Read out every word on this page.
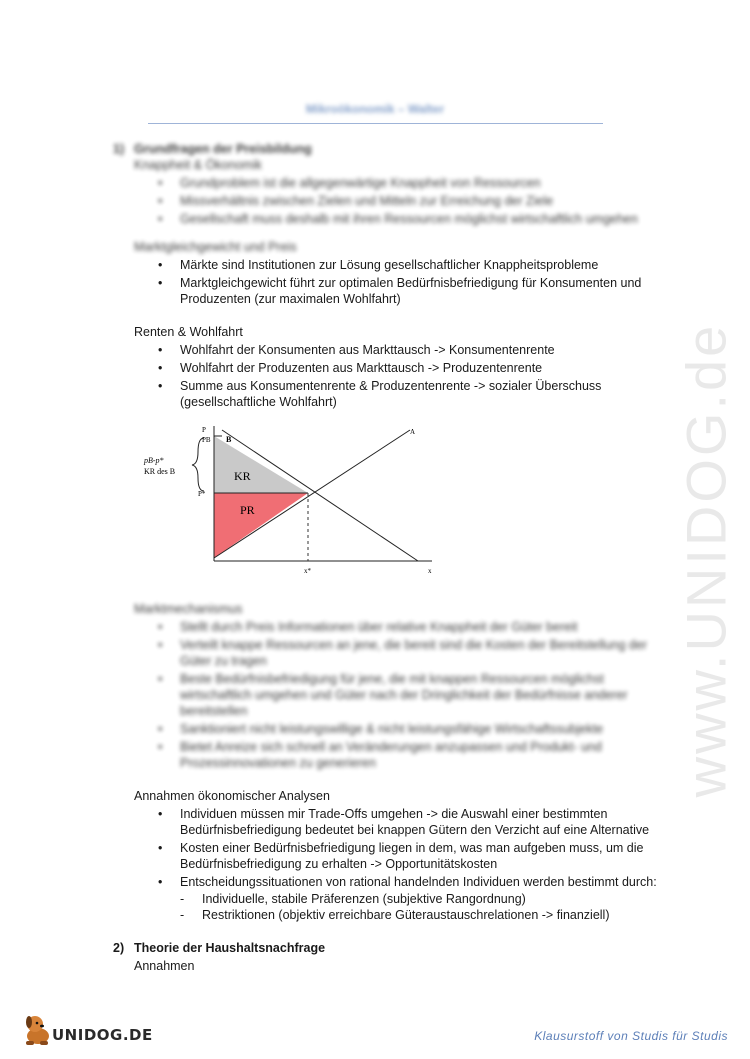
www.UNIDOG.de
Mikroökonomik – Walter
1) Grundfragen der Preisbildung
Knappheit & Ökonomik
• Grundproblem ist die allgegenwärtige Knappheit von Ressourcen
• Missverhältnis zwischen Zielen und Mitteln zur Erreichung der Ziele
• Gesellschaft muss deshalb mit ihren Ressourcen möglichst wirtschaftlich umgehen
Marktgleichgewicht und Preis
• Märkte sind Institutionen zur Lösung gesellschaftlicher Knappheitsprobleme
• Marktgleichgewicht führt zur optimalen Bedürfnisbefriedigung für Konsumenten und
Produzenten (zur maximalen Wohlfahrt)
Renten & Wohlfahrt
• Wohlfahrt der Konsumenten aus Markttausch -> Konsumentenrente
• Wohlfahrt der Produzenten aus Markttausch -> Produzentenrente
• Summe aus Konsumentenrente & Produzentenrente -> sozialer Überschuss
(gesellschaftliche Wohlfahrt)
P
PB B
A
P*
pB-p*
KR des B	KR
PR
x*	x
Marktmechanismus
• Stellt durch Preis Informationen über relative Knappheit der Güter bereit
• Verteilt knappe Ressourcen an jene, die bereit sind die Kosten der Bereitstellung der
Güter zu tragen
• Beste Bedürfnisbefriedigung für jene, die mit knappen Ressourcen möglichst
wirtschaftlich umgehen und Güter nach der Dringlichkeit der Bedürfnisse anderer
bereitstellen
• Sanktioniert nicht leistungswillige & nicht leistungsfähige Wirtschaftssubjekte
• Bietet Anreize sich schnell an Veränderungen anzupassen und Produkt- und
Prozessinnovationen zu generieren
Annahmen ökonomischer Analysen
• Individuen müssen mir Trade-Offs umgehen -> die Auswahl einer bestimmten
Bedürfnisbefriedigung bedeutet bei knappen Gütern den Verzicht auf eine Alternative
• Kosten einer Bedürfnisbefriedigung liegen in dem, was man aufgeben muss, um die
Bedürfnisbefriedigung zu erhalten -> Opportunitätskosten
• Entscheidungssituationen von rational handelnden Individuen werden bestimmt durch:
- Individuelle, stabile Präferenzen (subjektive Rangordnung)
- Restriktionen (objektiv erreichbare Güteraustauschrelationen -> finanziell)
2) Theorie der Haushaltsnachfrage
Annahmen
UNIDOG.DE	Klausurstoff von Studis für Studis
